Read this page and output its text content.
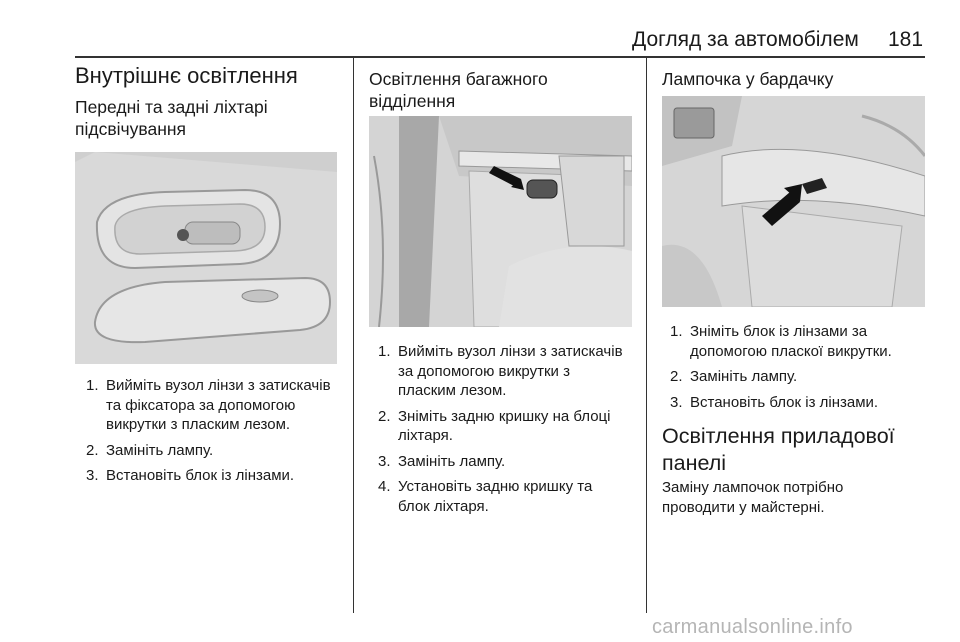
Догляд за автомобілем 181
Внутрішнє освітлення
Передні та задні ліхтарі
підсвічування
1. Вийміть вузол лінзи з затискачів
та фіксатора за допомогою
викрутки з пласким лезом.
2. Замініть лампу.
3. Встановіть блок із лінзами.
Освітлення багажного
відділення
1. Вийміть вузол лінзи з затискачів
за допомогою викрутки з
пласким лезом.
2. Зніміть задню кришку на блоці
ліхтаря.
3. Замініть лампу.
4. Установіть задню кришку та
блок ліхтаря.
Лампочка у бардачку
1. Зніміть блок із лінзами за
допомогою пласкої викрутки.
2. Замініть лампу.
3. Встановіть блок із лінзами.
Освітлення приладової
панелі
Заміну лампочок потрібно
проводити у майстерні.
carmanualsonline.info
